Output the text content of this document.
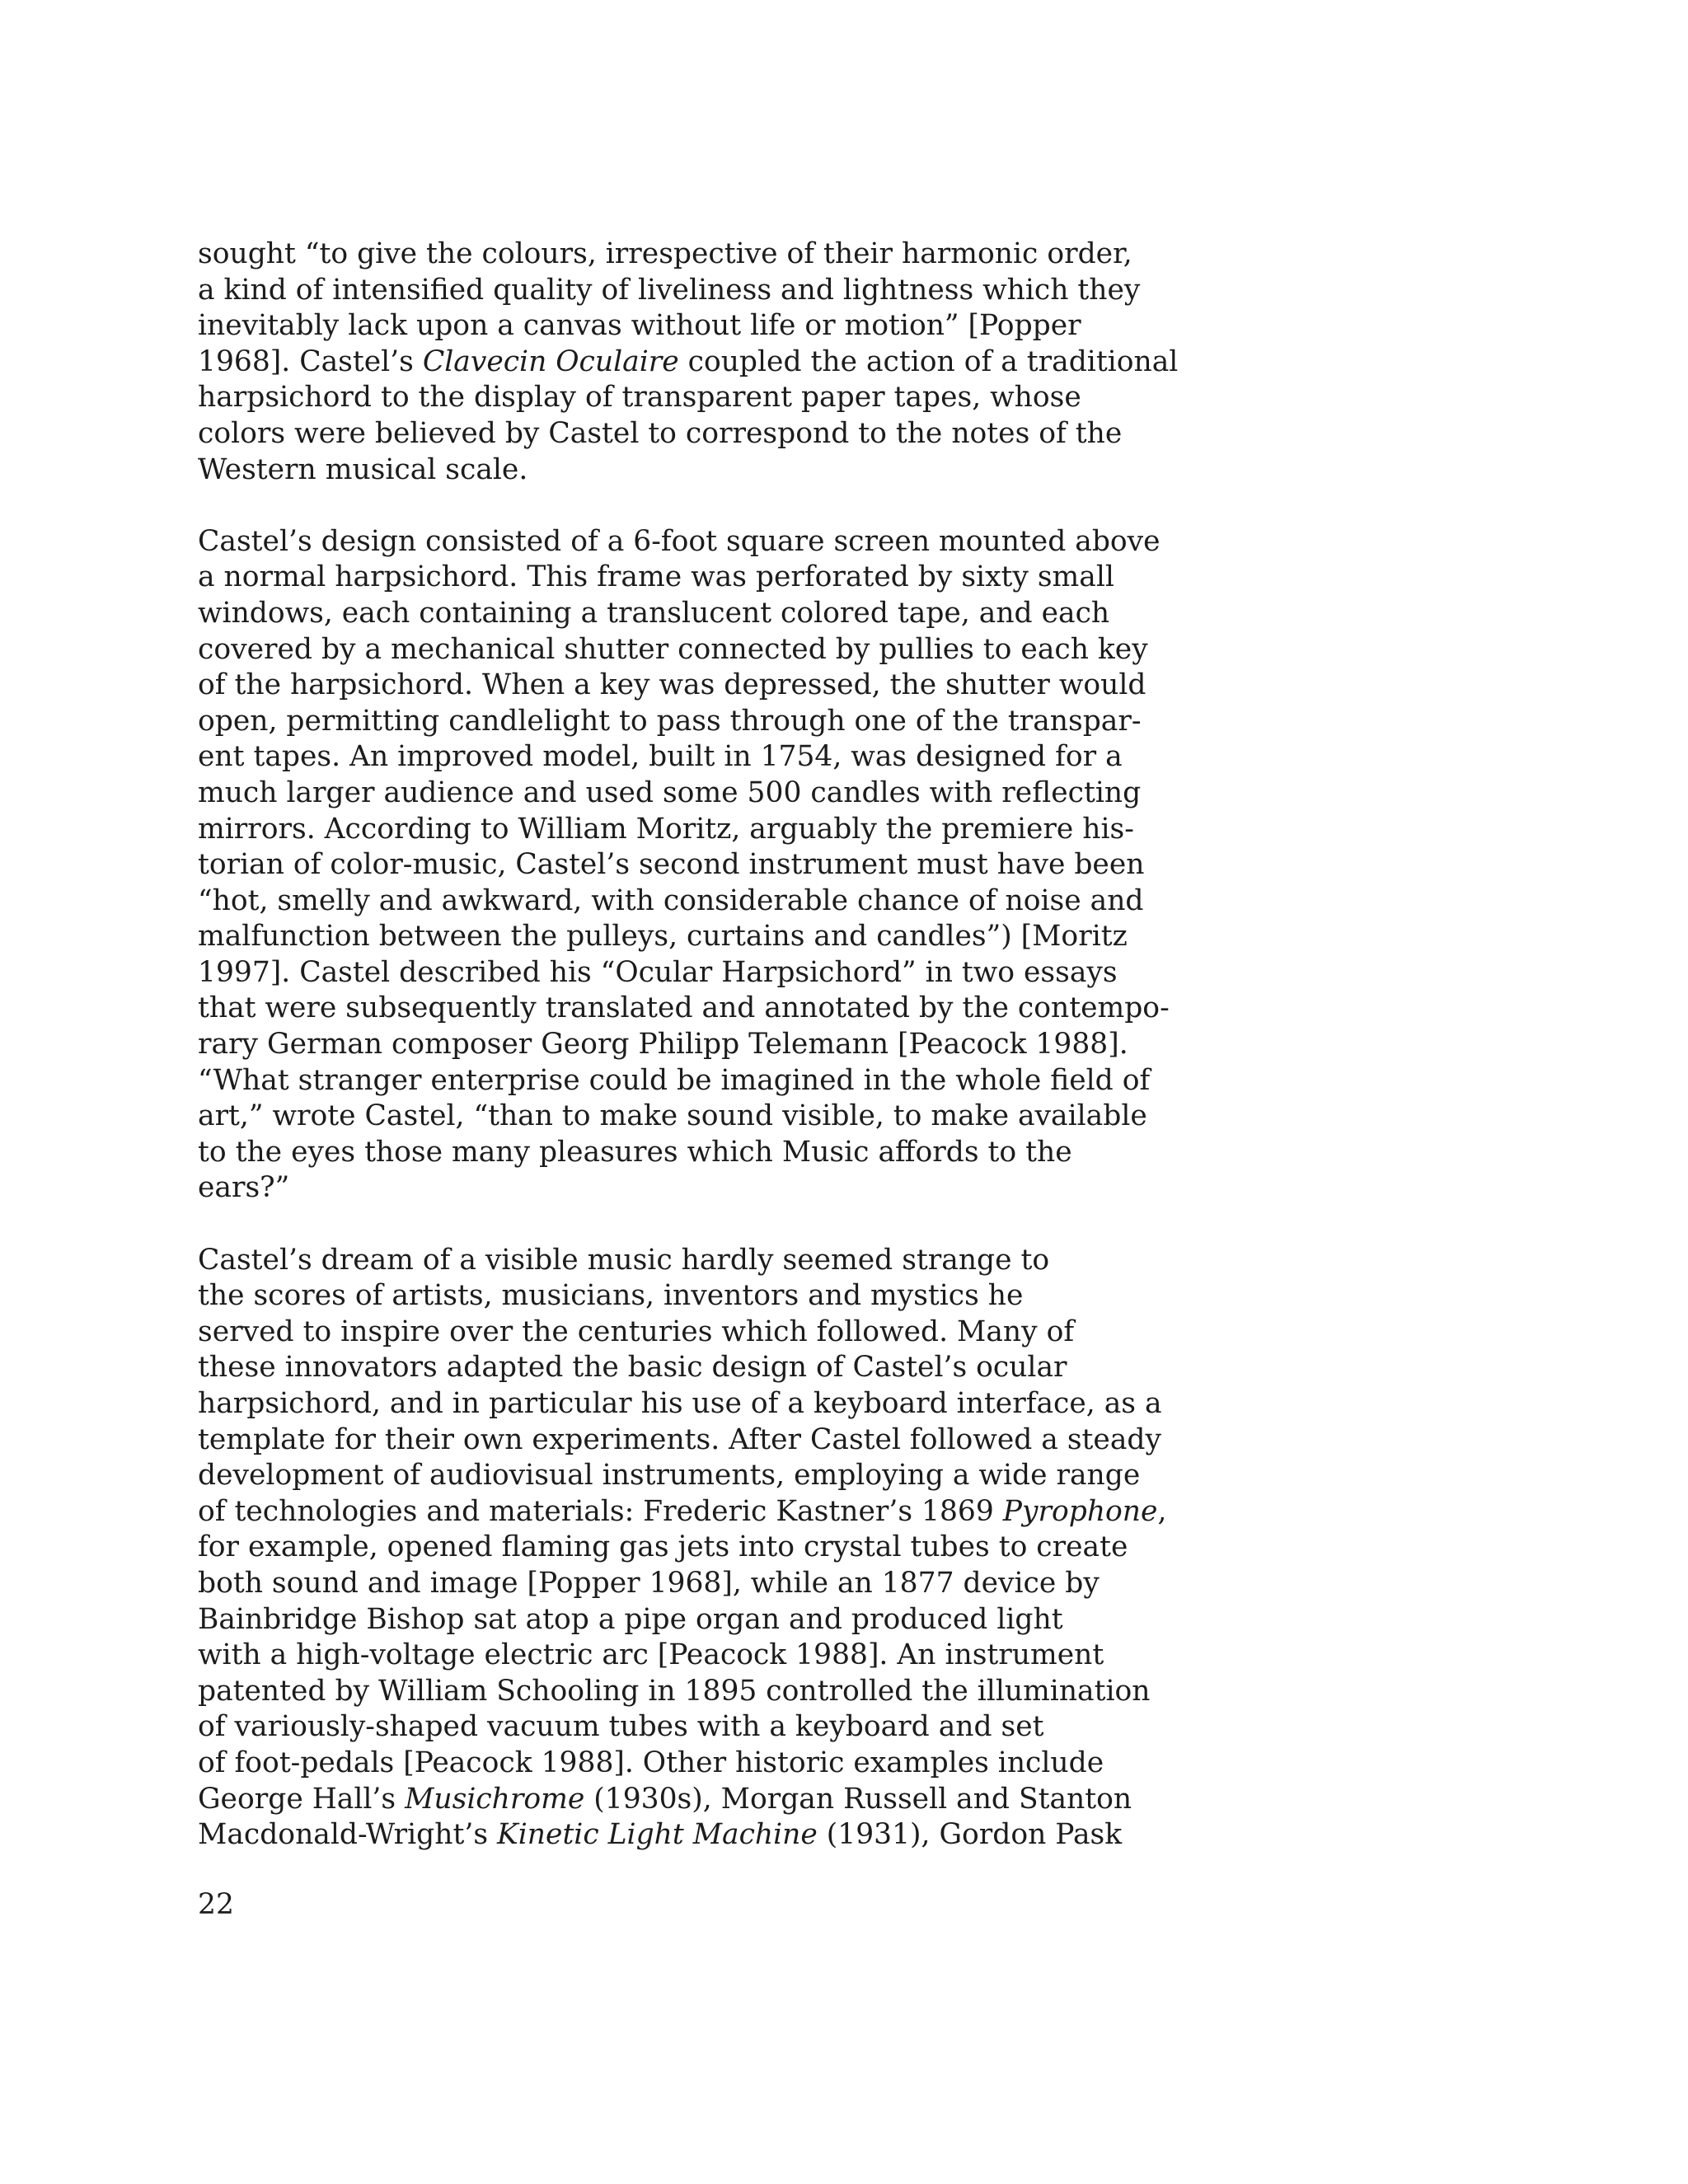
sought “to give the colours, irrespective of their harmonic order,
a kind of intensified quality of liveliness and lightness which they
inevitably lack upon a canvas without life or motion” [Popper
1968]. Castel’s Clavecin Oculaire coupled the action of a traditional
harpsichord to the display of transparent paper tapes, whose
colors were believed by Castel to correspond to the notes of the
Western musical scale.
Castel’s design consisted of a 6-foot square screen mounted above
a normal harpsichord. This frame was perforated by sixty small
windows, each containing a translucent colored tape, and each
covered by a mechanical shutter connected by pullies to each key
of the harpsichord. When a key was depressed, the shutter would
open, permitting candlelight to pass through one of the transpar-
ent tapes. An improved model, built in 1754, was designed for a
much larger audience and used some 500 candles with reflecting
mirrors. According to William Moritz, arguably the premiere his-
torian of color-music, Castel’s second instrument must have been
“hot, smelly and awkward, with considerable chance of noise and
malfunction between the pulleys, curtains and candles”) [Moritz
1997]. Castel described his “Ocular Harpsichord” in two essays
that were subsequently translated and annotated by the contempo-
rary German composer Georg Philipp Telemann [Peacock 1988].
“What stranger enterprise could be imagined in the whole field of
art,” wrote Castel, “than to make sound visible, to make available
to the eyes those many pleasures which Music affords to the
ears?”
Castel’s dream of a visible music hardly seemed strange to
the scores of artists, musicians, inventors and mystics he
served to inspire over the centuries which followed. Many of
these innovators adapted the basic design of Castel’s ocular
harpsichord, and in particular his use of a keyboard interface, as a
template for their own experiments. After Castel followed a steady
development of audiovisual instruments, employing a wide range
of technologies and materials: Frederic Kastner’s 1869 Pyrophone,
for example, opened flaming gas jets into crystal tubes to create
both sound and image [Popper 1968], while an 1877 device by
Bainbridge Bishop sat atop a pipe organ and produced light
with a high-voltage electric arc [Peacock 1988]. An instrument
patented by William Schooling in 1895 controlled the illumination
of variously-shaped vacuum tubes with a keyboard and set
of foot-pedals [Peacock 1988]. Other historic examples include
George Hall’s Musichrome (1930s), Morgan Russell and Stanton
Macdonald-Wright’s Kinetic Light Machine (1931), Gordon Pask
22
